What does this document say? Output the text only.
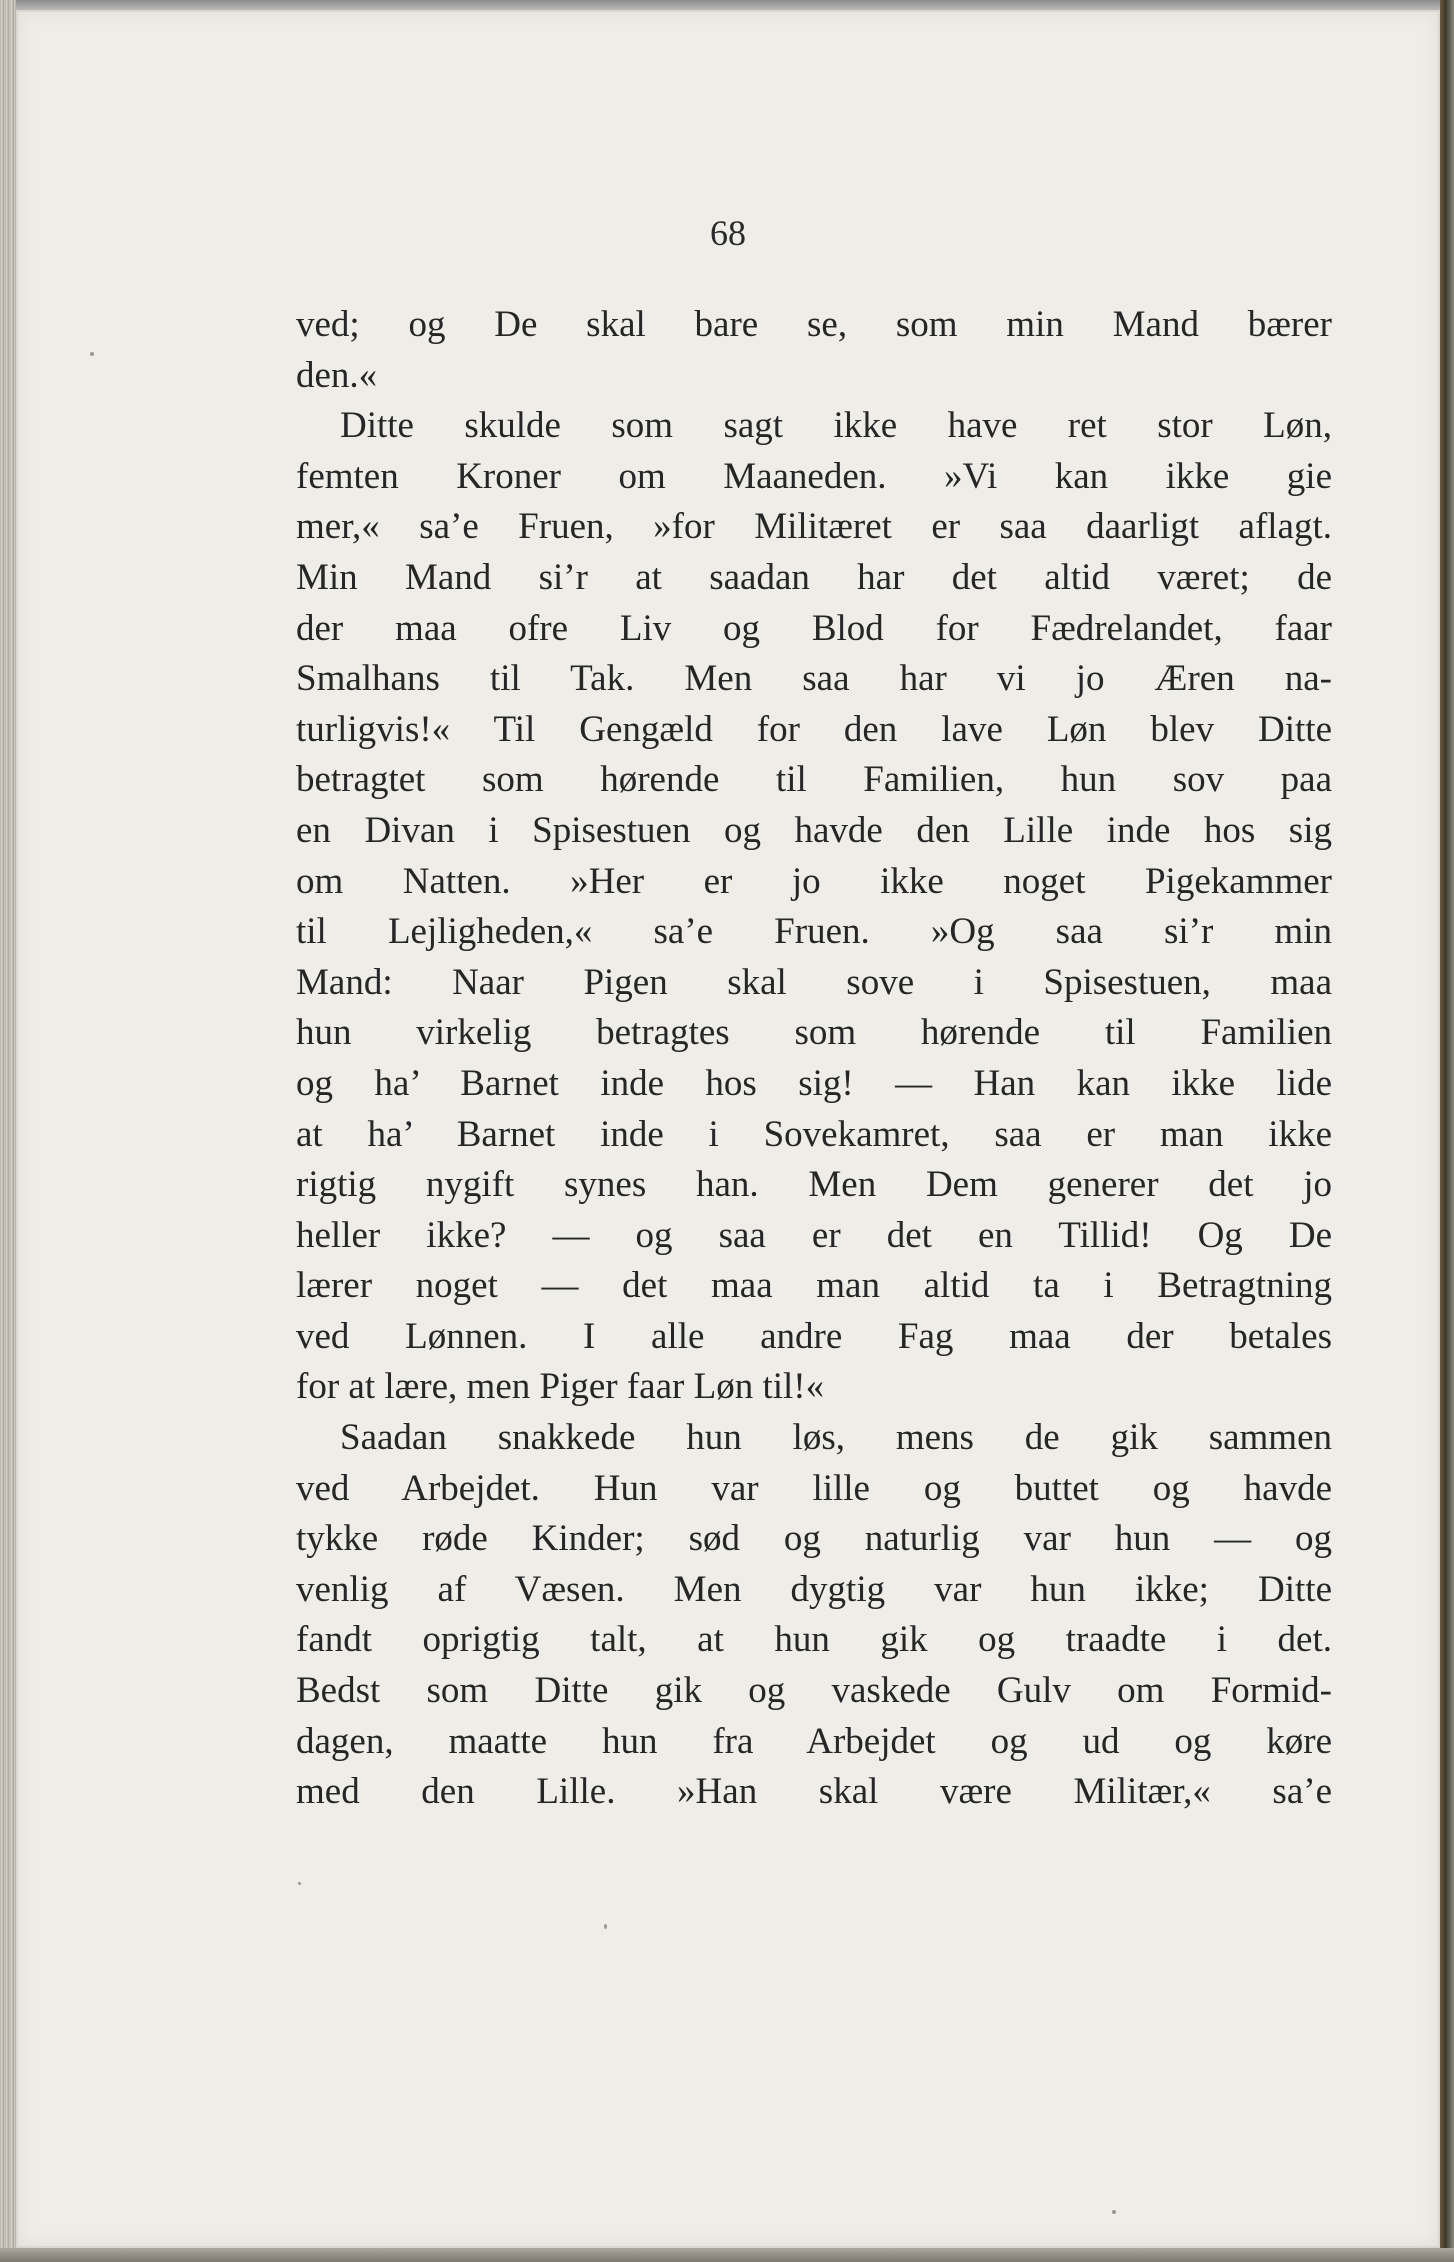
68
ved; og De skal bare se, som min Mand bærer
den.«
Ditte skulde som sagt ikke have ret stor Løn,
femten Kroner om Maaneden. »Vi kan ikke gie
mer,« sa’e Fruen, »for Militæret er saa daarligt aflagt.
Min Mand si’r at saadan har det altid været; de
der maa ofre Liv og Blod for Fædrelandet, faar
Smalhans til Tak. Men saa har vi jo Æren na-
turligvis!« Til Gengæld for den lave Løn blev Ditte
betragtet som hørende til Familien, hun sov paa
en Divan i Spisestuen og havde den Lille inde hos sig
om Natten. »Her er jo ikke noget Pigekammer
til Lejligheden,« sa’e Fruen. »Og saa si’r min
Mand: Naar Pigen skal sove i Spisestuen, maa
hun virkelig betragtes som hørende til Familien
og ha’ Barnet inde hos sig! — Han kan ikke lide
at ha’ Barnet inde i Sovekamret, saa er man ikke
rigtig nygift synes han. Men Dem generer det jo
heller ikke? — og saa er det en Tillid! Og De
lærer noget — det maa man altid ta i Betragtning
ved Lønnen. I alle andre Fag maa der betales
for at lære, men Piger faar Løn til!«
Saadan snakkede hun løs, mens de gik sammen
ved Arbejdet. Hun var lille og buttet og havde
tykke røde Kinder; sød og naturlig var hun — og
venlig af Væsen. Men dygtig var hun ikke; Ditte
fandt oprigtig talt, at hun gik og traadte i det.
Bedst som Ditte gik og vaskede Gulv om Formid-
dagen, maatte hun fra Arbejdet og ud og køre
med den Lille. »Han skal være Militær,« sa’e
